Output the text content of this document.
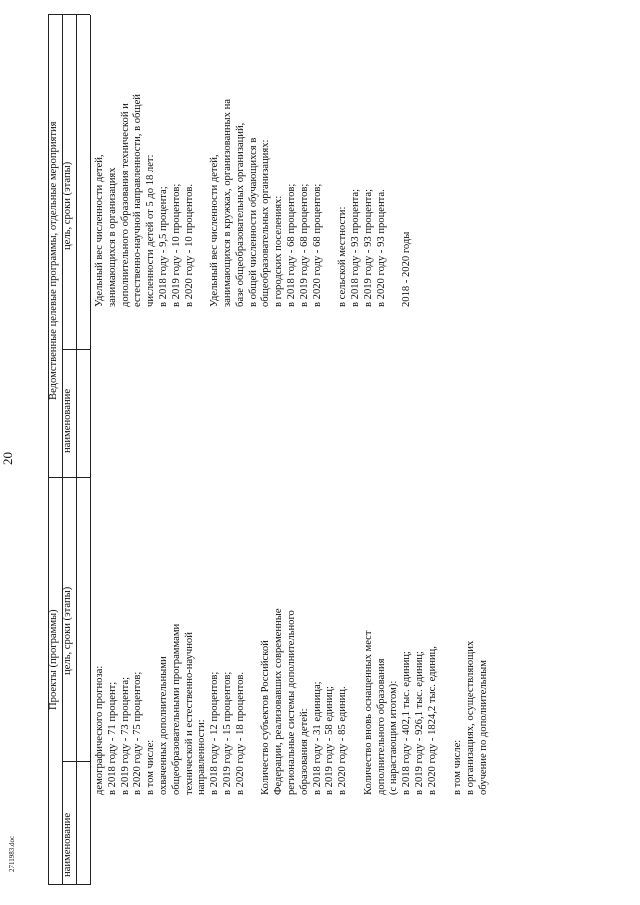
20
Проекты (программы)
наименование
цель, сроки (этапы)
Ведомственные целевые программы, отдельные мероприятия
наименование
цель, сроки (этапы)
демографического прогноза: в 2018 году - 71 процент; в 2019 году - 73 процента; в 2020 году - 75 процентов; в том числе: охваченных дополнительными общеобразовательными программами технической и естественно-научной направленности: в 2018 году - 12 процентов; в 2019 году - 15 процентов; в 2020 году - 18 процентов. Количество субъектов Российской Федерации, реализовавших современные региональные системы дополнительного образования детей: в 2018 году - 31 единица; в 2019 году - 58 единиц; в 2020 году - 85 единиц. Количество вновь оснащенных мест дополнительного образования (с нарастающим итогом): в 2018 году - 402,1 тыс. единиц; в 2019 году - 926,1 тыс. единиц; в 2020 году - 1824,2 тыс. единиц, в том числе: в организациях, осуществляющих обучение по дополнительным
Удельный вес численности детей, занимающихся в организациях дополнительного образования технической и естественно-научной направленности, в общей численности детей от 5 до 18 лет: в 2018 году - 9,5 процента; в 2019 году - 10 процентов; в 2020 году - 10 процентов. Удельный вес численности детей, занимающихся в кружках, организованных на базе общеобразовательных организаций, в общей численности обучающихся в общеобразовательных организациях: в городских поселениях: в 2018 году - 68 процентов; в 2019 году - 68 процентов; в 2020 году - 68 процентов; в сельской местности: в 2018 году - 93 процента; в 2019 году - 93 процента; в 2020 году - 93 процента. 2018 - 2020 годы
2711983.doc
